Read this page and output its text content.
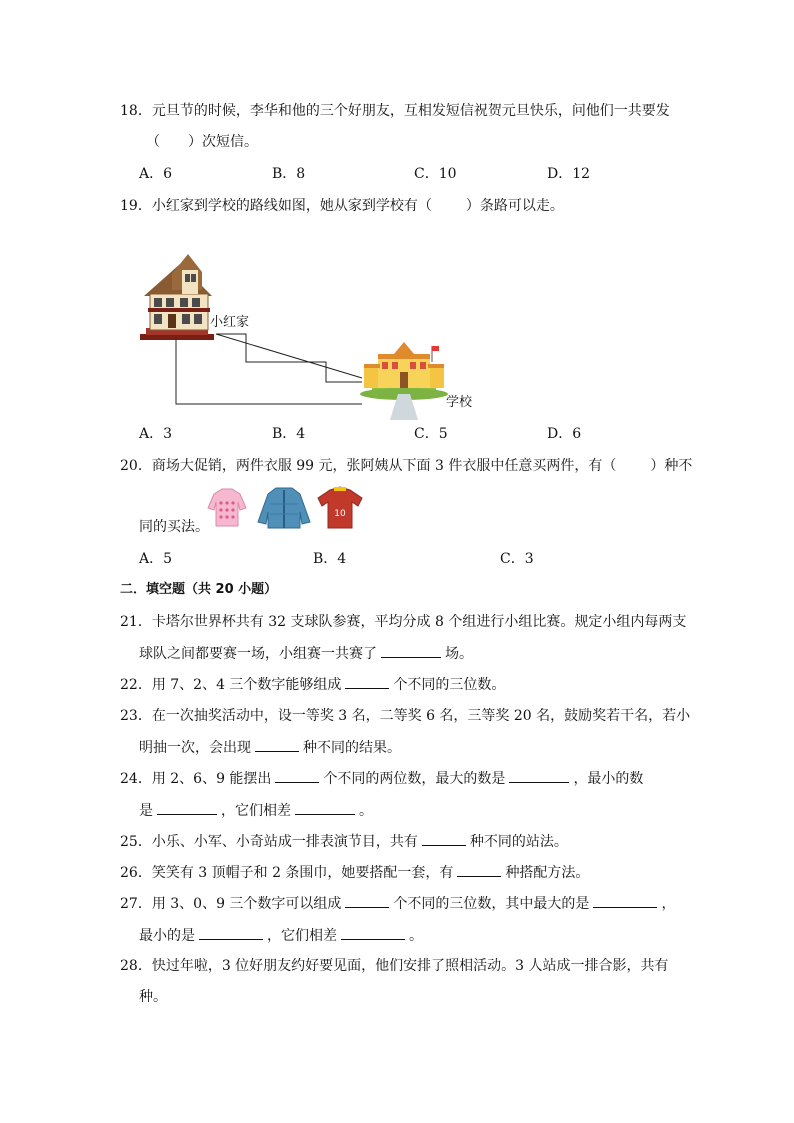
18．元旦节的时候，李华和他的三个好朋友，互相发短信祝贺元旦快乐，问他们一共要发
（ ）次短信。
A．6	B．8	C．10	D．12
19．小红家到学校的路线如图，她从家到学校有（ ）条路可以走。
小红家
学校
A．3	B．4	C．5	D．6
20．商场大促销，两件衣服 99 元，张阿姨从下面 3 件衣服中任意买两件，有（ ）种不
10
同的买法。
A．5	B．4	C．3
二．填空题（共 20 小题）
21．卡塔尔世界杯共有 32 支球队参赛，平均分成 8 个组进行小组比赛。规定小组内每两支
球队之间都要赛一场，小组赛一共赛了	场。
22．用 7、2、4 三个数字能够组成	个不同的三位数。
23．在一次抽奖活动中，设一等奖 3 名，二等奖 6 名，三等奖 20 名，鼓励奖若干名，若小
明抽一次，会出现	种不同的结果。
24．用 2、6、9 能摆出	个不同的两位数，最大的数是	，最小的数
是	，它们相差	。
25．小乐、小军、小奇站成一排表演节目，共有	种不同的站法。
26．笑笑有 3 顶帽子和 2 条围巾，她要搭配一套，有	种搭配方法。
27．用 3、0、9 三个数字可以组成	个不同的三位数，其中最大的是	，
最小的是	，它们相差	。
28．快过年啦，3 位好朋友约好要见面，他们安排了照相活动。3 人站成一排合影，共有
种。
